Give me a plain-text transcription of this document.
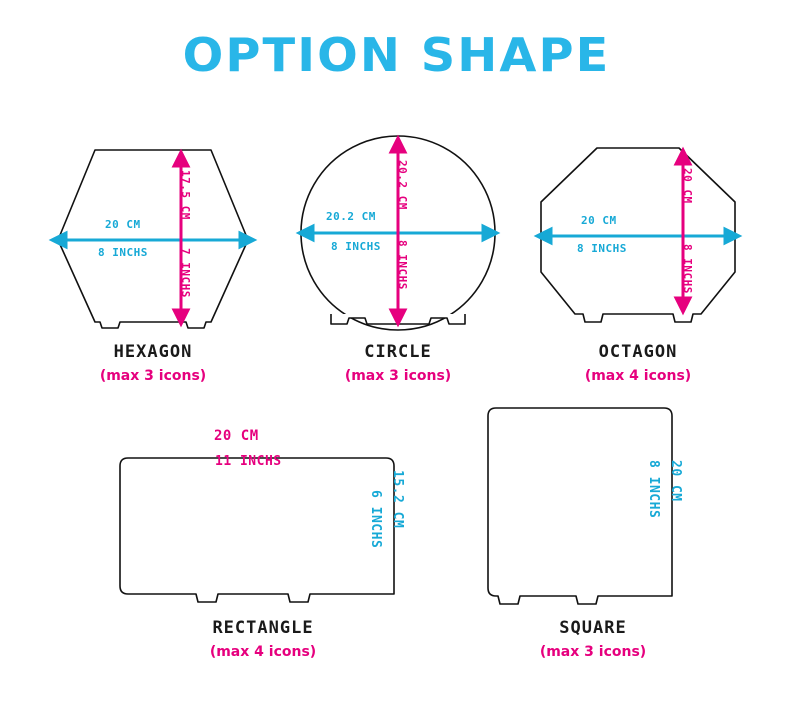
OPTION SHAPE
20 CM
8 INCHS
17.5 CM
7 INCHS
HEXAGON
(max 3 icons)
20.2 CM
8 INCHS
20.2 CM
8 INCHS
CIRCLE
(max 3 icons)
20 CM
8 INCHS
20 CM
8 INCHS
OCTAGON
(max 4 icons)
20 CM
11 INCHS
15.2 CM
6 INCHS
RECTANGLE
(max 4 icons)
20 CM
8 INCHS
SQUARE
(max 3 icons)
